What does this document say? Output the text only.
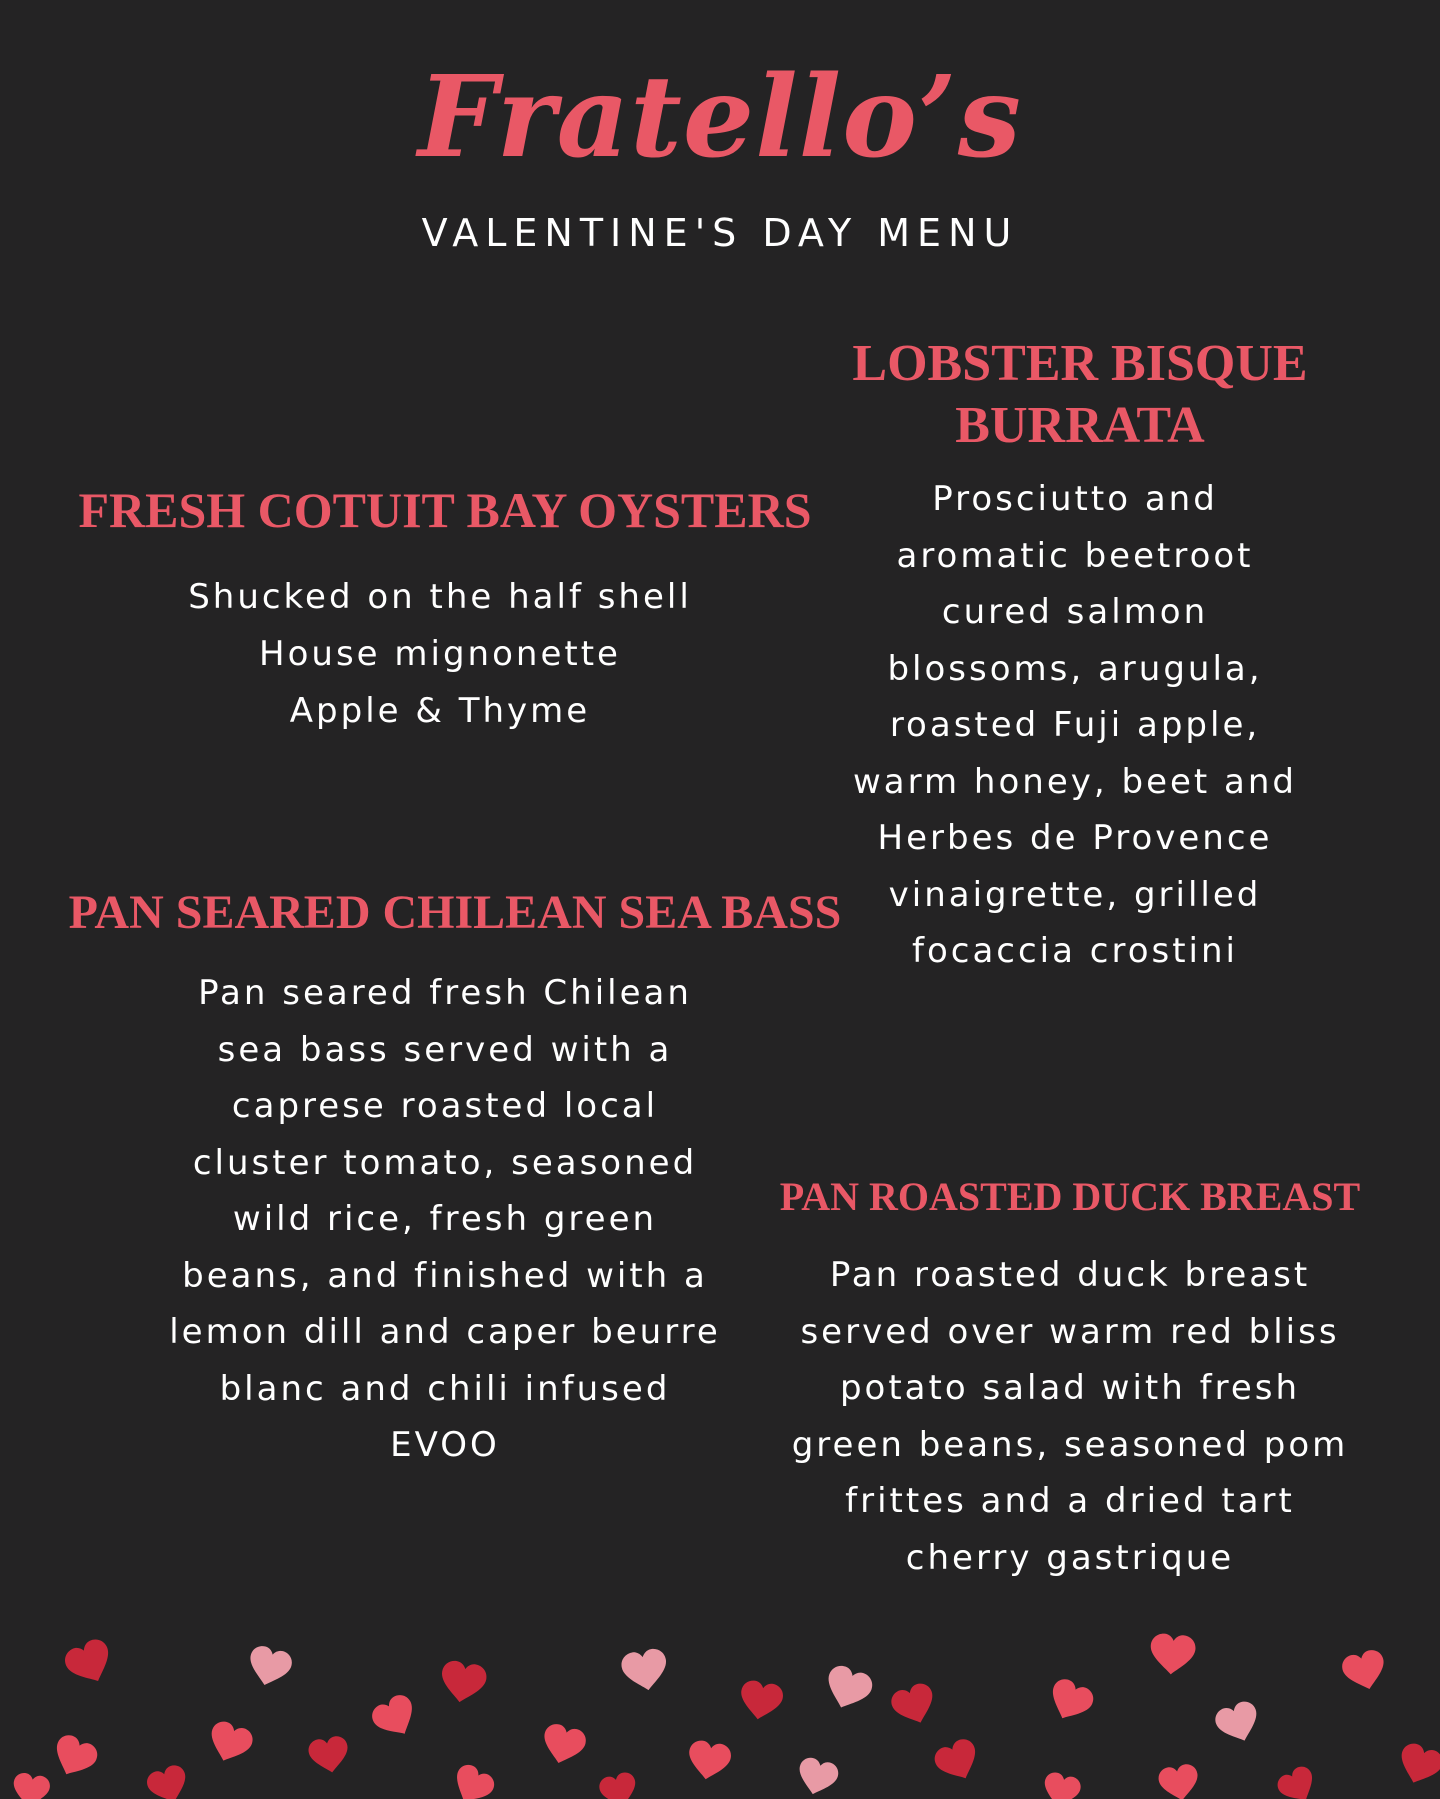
Fratello’s
VALENTINE'S DAY MENU
FRESH COTUIT BAY OYSTERS
Shucked on the half shell
House mignonette
Apple & Thyme
LOBSTER BISQUE
BURRATA
Prosciutto and
aromatic beetroot
cured salmon
blossoms, arugula,
roasted Fuji apple,
warm honey, beet and
Herbes de Provence
vinaigrette, grilled
focaccia crostini
PAN SEARED CHILEAN SEA BASS
Pan seared fresh Chilean
sea bass served with a
caprese roasted local
cluster tomato, seasoned
wild rice, fresh green
beans, and finished with a
lemon dill and caper beurre
blanc and chili infused
EVOO
PAN ROASTED DUCK BREAST
Pan roasted duck breast
served over warm red bliss
potato salad with fresh
green beans, seasoned pom
frittes and a dried tart
cherry gastrique
